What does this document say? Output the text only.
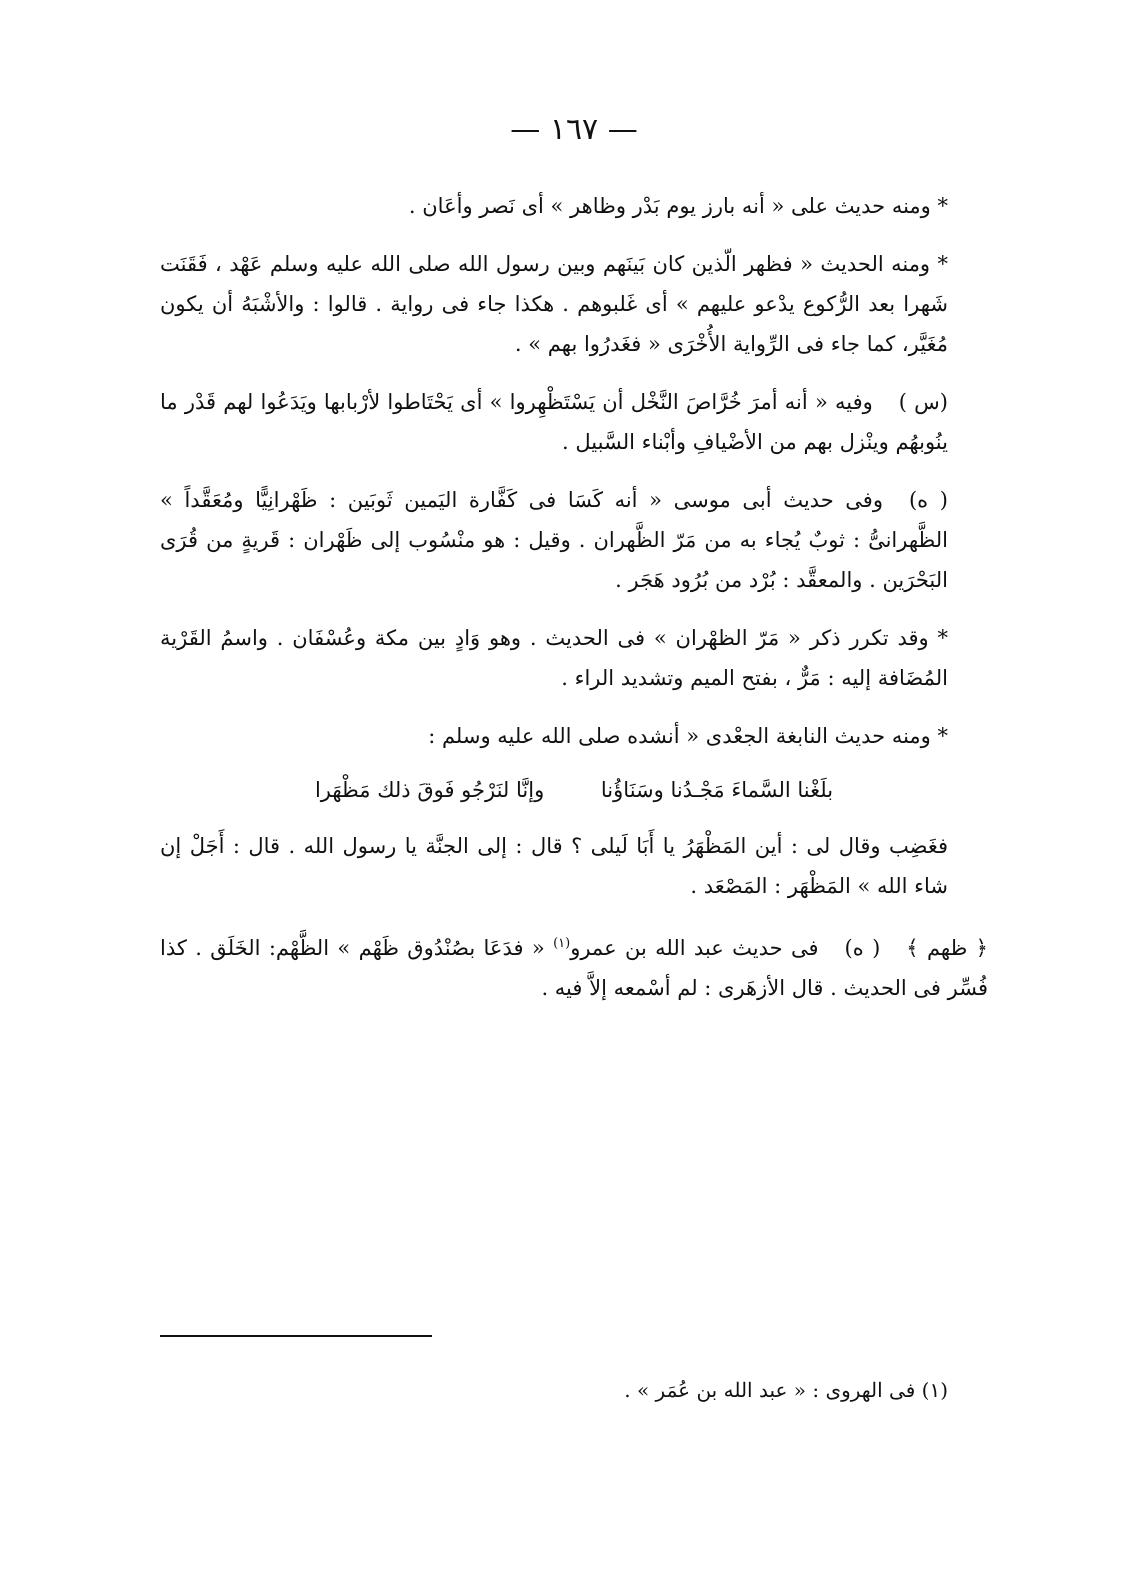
— ١٦٧ —

* ومنه حديث على « أنه بارز يوم بَدْر وظاهر » أى نَصر وأعَان .

* ومنه الحديث « فظهر الّذين كان بَينَهم وبين رسول الله صلى الله عليه وسلم عَهْد ، فَقَنَت شَهرا بعد الرُّكوع يدْعو عليهم » أى غَلبوهم . هكذا جاء فى رواية . قالوا : والأشْبَهُ أن يكون مُغَيَّر، كما جاء فى الرِّواية الأُخْرَى « فغَدرُوا بهم » .

(س )وفيه « أنه أمرَ خُرَّاصَ النَّخْل أن يَسْتَظْهِروا » أى يَحْتَاطوا لأرْبابها ويَدَعُوا لهم قَدْر ما ينُوبهُم وينْزل بهم من الأضْيافِ وأبْناء السَّبيل .

( ه)وفى حديث أبى موسى « أنه كَسَا فى كَفَّارة اليَمين ثَوبَين : ظَهْرانِيًّا ومُعَقَّداً » الظَّهرانىُّ : ثوبٌ يُجاء به من مَرّ الظَّهران . وقيل : هو منْسُوب إلى ظَهْران : قَريةٍ من قُرَى البَحْرَين . والمعقَّد : بُرْد من بُرُود هَجَر .

* وقد تكرر ذكر « مَرّ الظهْران » فى الحديث . وهو وَادٍ بين مكة وعُسْفَان . واسمُ القَرْية المُضَافة إليه : مَرٌّ ، بفتح الميم وتشديد الراء .

* ومنه حديث النابغة الجعْدى « أنشده صلى الله عليه وسلم :

بلَغْنا السَّماءَ مَجْـدُنا وسَنَاؤُنا وإنَّا لنَرْجُو فَوقَ ذلك مَظْهَرا

فغَضِب وقال لى : أين المَظْهَرُ يا أَبَا لَيلى ؟ قال : إلى الجنَّة يا رسول الله . قال : أَجَلْ إن شاء الله » المَظْهَر : المَصْعَد .

﴿ ظهم ﴾( ه)فى حديث عبد الله بن عمرو$^{(١)}$ « فدَعَا بصُنْدُوق ظَهْم » الظَّهْم: الخَلَق . كذا فُسِّر فى الحديث . قال الأزهَرى : لم أسْمعه إلاَّ فيه .

(١) فى الهروى : « عبد الله بن عُمَر » .
